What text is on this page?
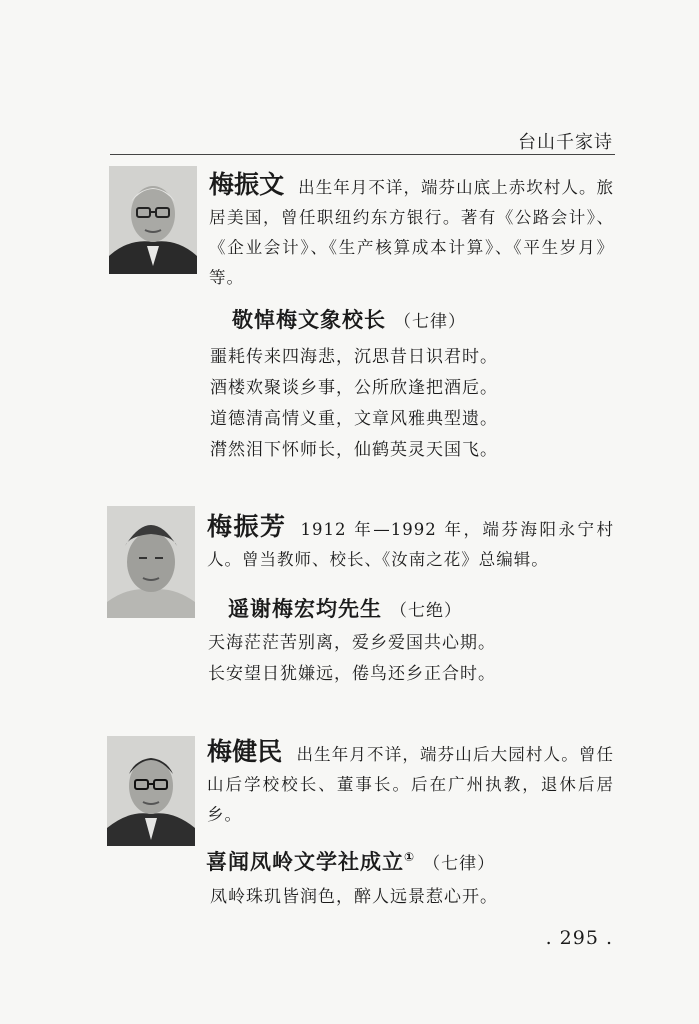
台山千家诗
梅振文 出生年月不详，端芬山底上赤坎村人。旅居美国，曾任职纽约东方银行。著有《公路会计》、《企业会计》、《生产核算成本计算》、《平生岁月》等。
敬悼梅文象校长 （七律）
噩耗传来四海悲，沉思昔日识君时。
酒楼欢聚谈乡事，公所欣逢把酒卮。
道德清高情义重，文章风雅典型遗。
潸然泪下怀师长，仙鹤英灵天国飞。
梅振芳 1912 年—1992 年，端芬海阳永宁村人。曾当教师、校长、《汝南之花》总编辑。
遥谢梅宏均先生 （七绝）
天海茫茫苦别离，爱乡爱国共心期。
长安望日犹嫌远，倦鸟还乡正合时。
梅健民 出生年月不详，端芬山后大园村人。曾任山后学校校长、董事长。后在广州执教，退休后居乡。
喜闻凤岭文学社成立① （七律）
凤岭珠玑皆润色，醉人远景惹心开。
. 295 .
